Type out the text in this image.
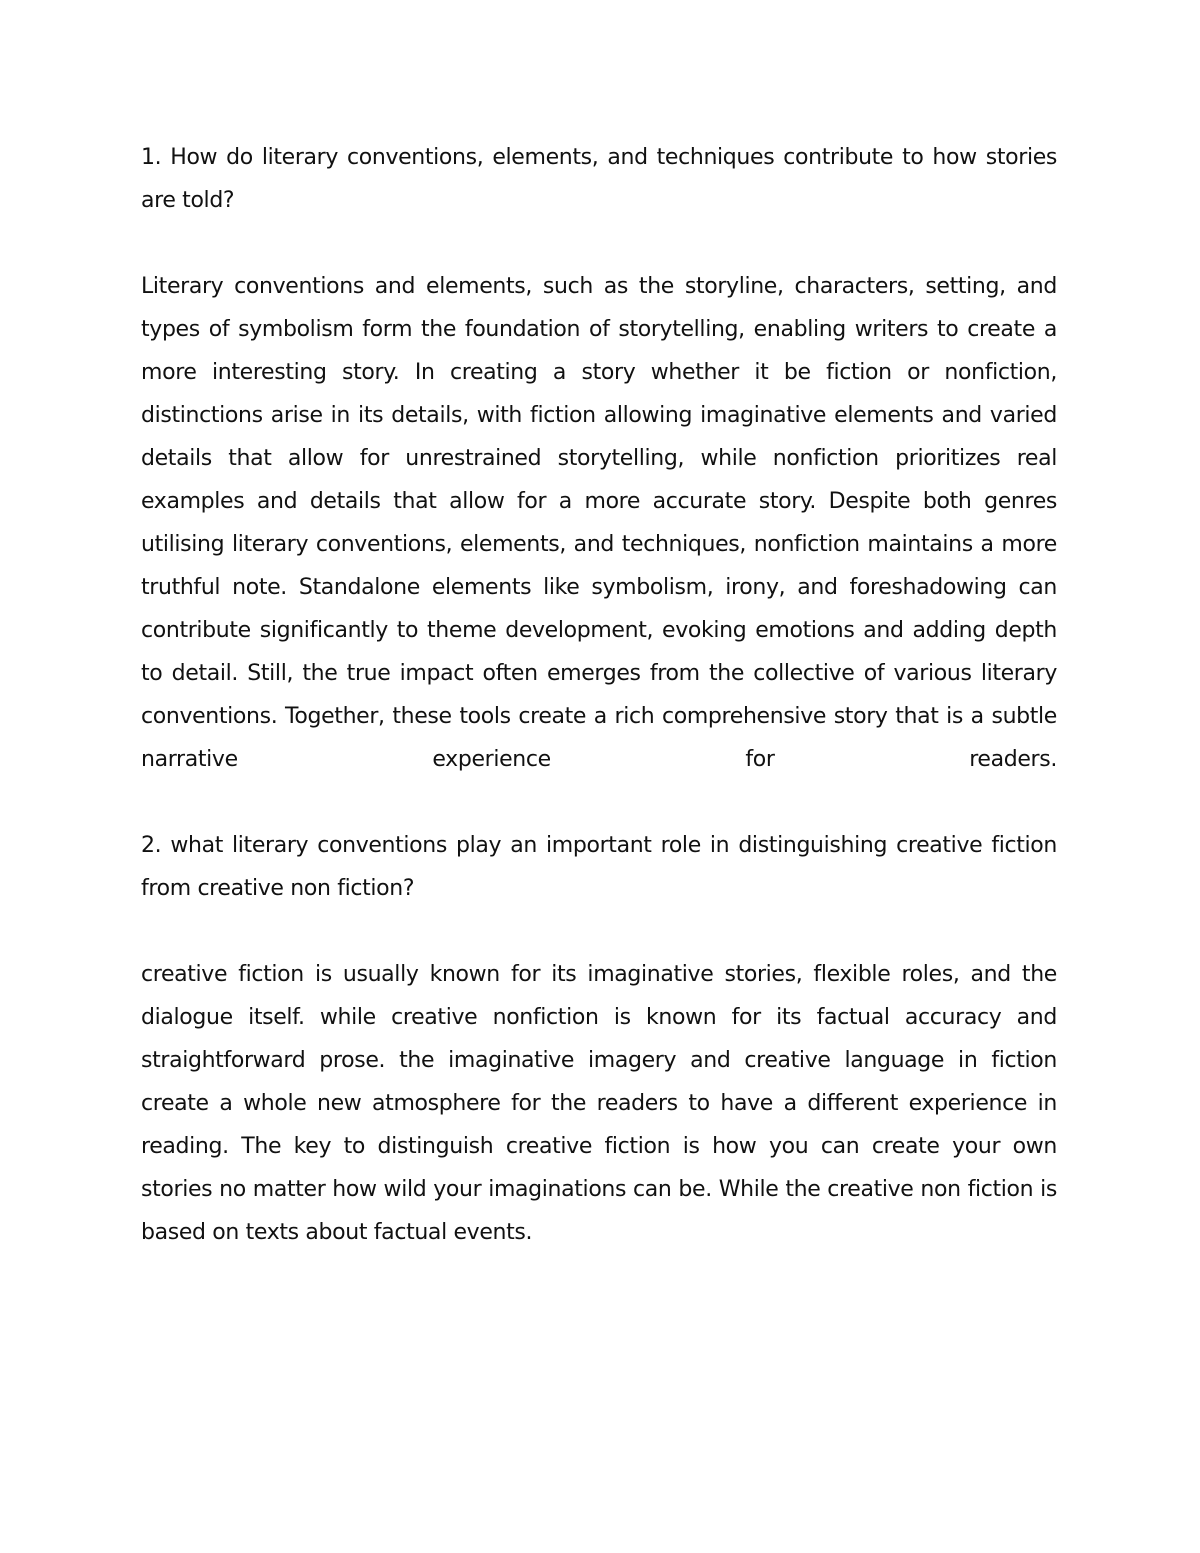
1. How do literary conventions, elements, and techniques contribute to how stories are told?

Literary conventions and elements, such as the storyline, characters, setting, and types of symbolism form the foundation of storytelling, enabling writers to create a more interesting story. In creating a story whether it be fiction or nonfiction, distinctions arise in its details, with fiction allowing imaginative elements and varied details that allow for unrestrained storytelling, while nonfiction prioritizes real examples and details that allow for a more accurate story. Despite both genres utilising literary conventions, elements, and techniques, nonfiction maintains a more truthful note. Standalone elements like symbolism, irony, and foreshadowing can contribute significantly to theme development, evoking emotions and adding depth to detail. Still, the true impact often emerges from the collective of various literary conventions. Together, these tools create a rich comprehensive story that is a subtle narrative experience for readers.

2. what literary conventions play an important role in distinguishing creative fiction from creative non fiction?

creative fiction is usually known for its imaginative stories, flexible roles, and the dialogue itself. while creative nonfiction is known for its factual accuracy and straightforward prose. the imaginative imagery and creative language in fiction create a whole new atmosphere for the readers to have a different experience in reading. The key to distinguish creative fiction is how you can create your own stories no matter how wild your imaginations can be. While the creative non fiction is based on texts about factual events.
